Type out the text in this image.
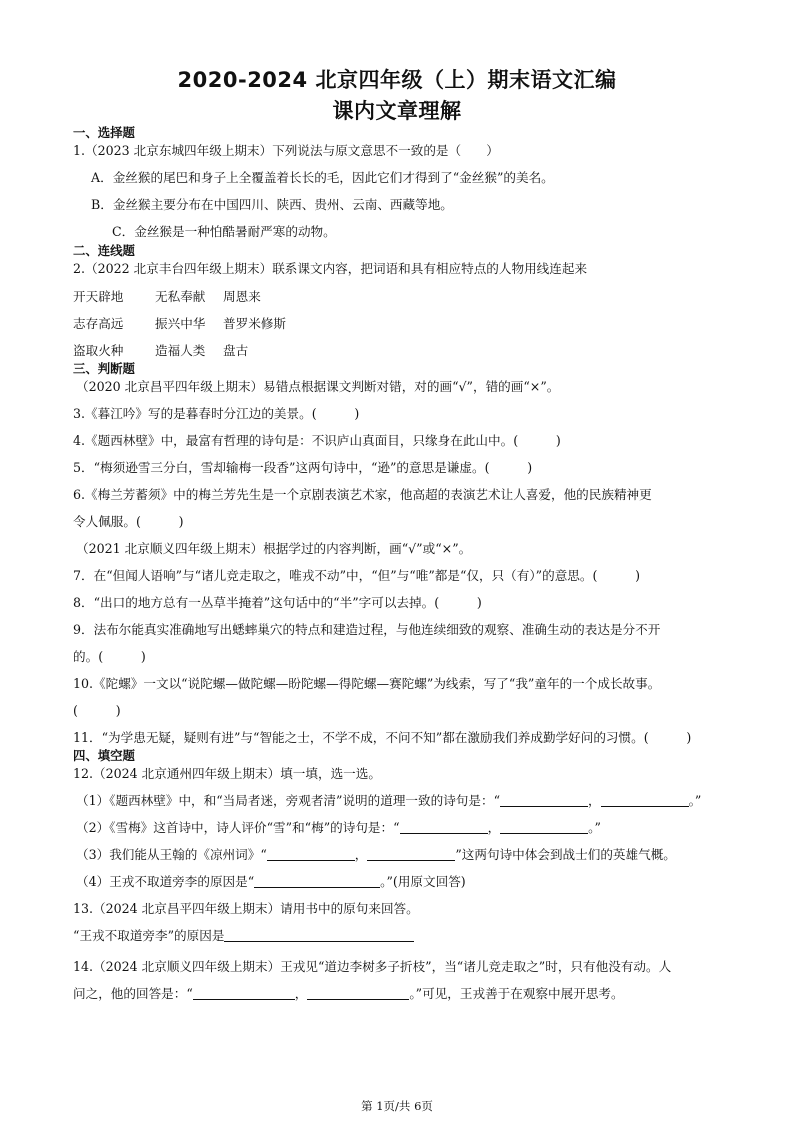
2020-2024 北京四年级（上）期末语文汇编
课内文章理解
一、选择题
1.（2023 北京东城四年级上期末）下列说法与原文意思不一致的是（　　）
A．金丝猴的尾巴和身子上全覆盖着长长的毛，因此它们才得到了“金丝猴”的美名。
B．金丝猴主要分布在中国四川、陕西、贵州、云南、西藏等地。
C．金丝猴是一种怕酷暑耐严寒的动物。
二、连线题
2.（2022 北京丰台四年级上期末）联系课文内容，把词语和具有相应特点的人物用线连起来
开天辟地	无私奉献 周恩来
志存高远	振兴中华 普罗米修斯
盗取火种	造福人类 盘古
三、判断题
（2020 北京昌平四年级上期末）易错点根据课文判断对错，对的画“√”，错的画“×”。
3.《暮江吟》写的是暮春时分江边的美景。(　　　)
4.《题西林壁》中，最富有哲理的诗句是：不识庐山真面目，只缘身在此山中。(　　　)
5．“梅须逊雪三分白，雪却输梅一段香”这两句诗中，“逊”的意思是谦虚。(　　　)
6.《梅兰芳蓄须》中的梅兰芳先生是一个京剧表演艺术家，他高超的表演艺术让人喜爱，他的民族精神更
令人佩服。(　　　)
（2021 北京顺义四年级上期末）根据学过的内容判断，画“√”或“×”。
7．在“但闻人语响”与“诸儿竞走取之，唯戎不动”中，“但”与“唯”都是“仅，只（有）”的意思。(　　　)
8．“出口的地方总有一丛草半掩着”这句话中的“半”字可以去掉。(　　　)
9．法布尔能真实准确地写出蟋蟀巢穴的特点和建造过程，与他连续细致的观察、准确生动的表达是分不开
的。(　　　)
10.《陀螺》一文以“说陀螺—做陀螺—盼陀螺—得陀螺—赛陀螺”为线索，写了“我”童年的一个成长故事。
(　　　)
11．“为学患无疑，疑则有进”与“智能之士，不学不成，不问不知”都在激励我们养成勤学好问的习惯。(　　　)
四、填空题
12.（2024 北京通州四年级上期末）填一填，选一选。
（1）《题西林壁》中，和“当局者迷，旁观者清”说明的道理一致的诗句是：“	，	。”
（2）《雪梅》这首诗中，诗人评价“雪”和“梅”的诗句是：“	，	。”
（3）我们能从王翰的《凉州词》“	，	”这两句诗中体会到战士们的英雄气概。
（4）王戎不取道旁李的原因是“	。”(用原文回答)
13.（2024 北京昌平四年级上期末）请用书中的原句来回答。
“王戎不取道旁李”的原因是
14.（2024 北京顺义四年级上期末）王戎见“道边李树多子折枝”，当“诸儿竞走取之”时，只有他没有动。人
问之，他的回答是：“	，	。”可见，王戎善于在观察中展开思考。
第 1页/共 6页
